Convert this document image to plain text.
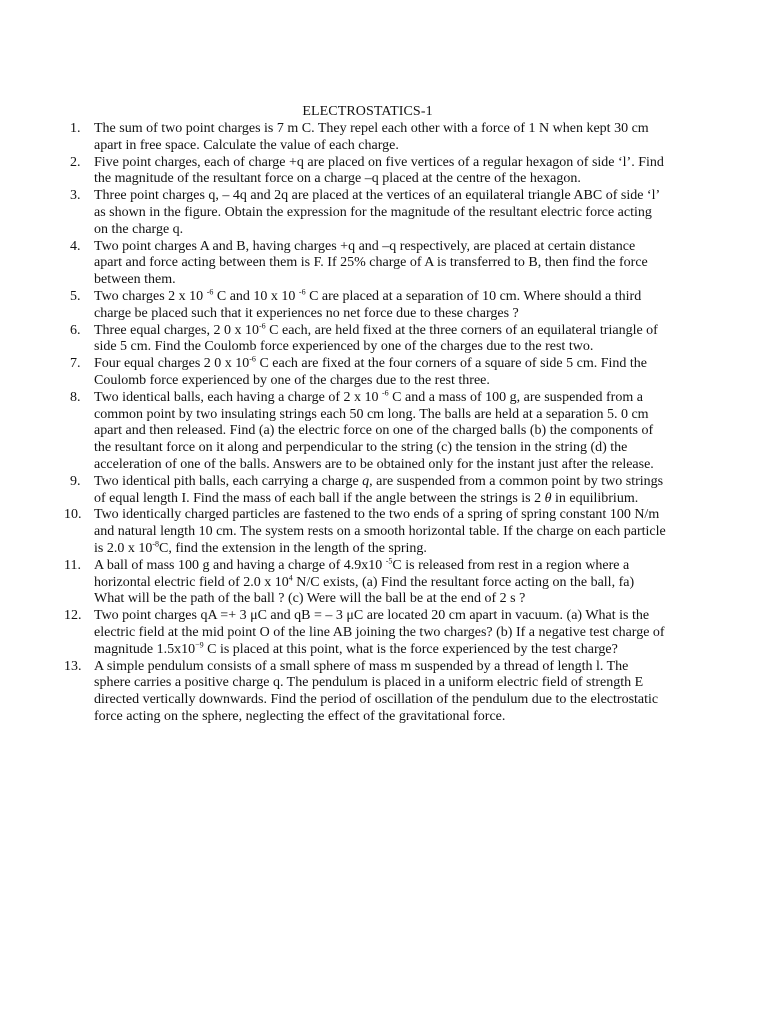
ELECTROSTATICS-1
1. The sum of two point charges is 7 m C. They repel each other with a force of 1 N when kept 30 cm apart in free space. Calculate the value of each charge.
2. Five point charges, each of charge +q are placed on five vertices of a regular hexagon of side ‘l’. Find the magnitude of the resultant force on a charge –q placed at the centre of the hexagon.
3. Three point charges q, – 4q and 2q are placed at the vertices of an equilateral triangle ABC of side ‘l’ as shown in the figure. Obtain the expression for the magnitude of the resultant electric force acting on the charge q.
4. Two point charges A and B, having charges +q and –q respectively, are placed at certain distance apart and force acting between them is F. If 25% charge of A is transferred to B, then find the force between them.
5. Two charges 2 x 10 $^{-6}$ C and 10 x 10 $^{-6}$ C are placed at a separation of 10 cm. Where should a third charge be placed such that it experiences no net force due to these charges ?
6. Three equal charges, 2 0 x $10^{-6}$ C each, are held fixed at the three corners of an equilateral triangle of side 5 cm. Find the Coulomb force experienced by one of the charges due to the rest two.
7. Four equal charges 2 0 x $10^{-6}$ C each are fixed at the four corners of a square of side 5 cm. Find the Coulomb force experienced by one of the charges due to the rest three.
8. Two identical balls, each having a charge of 2 x 10 $^{-6}$ C and a mass of 100 g, are suspended from a common point by two insulating strings each 50 cm long. The balls are held at a separation 5. 0 cm apart and then released. Find (a) the electric force on one of the charged balls (b) the components of the resultant force on it along and perpendicular to the string (c) the tension in the string (d) the acceleration of one of the balls. Answers are to be obtained only for the instant just after the release.
9. Two identical pith balls, each carrying a charge q, are suspended from a common point by two strings of equal length I. Find the mass of each ball if the angle between the strings is 2 θ in equilibrium.
10. Two identically charged particles are fastened to the two ends of a spring of spring constant 100 N/m and natural length 10 cm. The system rests on a smooth horizontal table. If the charge on each particle is 2.0 x $10^{-8}C$, find the extension in the length of the spring.
11. A ball of mass 100 g and having a charge of 4.9x10 $^{-5}$C is released from rest in a region where a horizontal electric field of 2.0 x $10^4$ N/C exists, (a) Find the resultant force acting on the ball, fa) What will be the path of the ball ? (c) Were will the ball be at the end of 2 s ?
12. Two point charges qA =+ 3 μC and qB = – 3 μC are located 20 cm apart in vacuum. (a) What is the electric field at the mid point O of the line AB joining the two charges? (b) If a negative test charge of magnitude $1.5x10^{-9}$ C is placed at this point, what is the force experienced by the test charge?
13. A simple pendulum consists of a small sphere of mass m suspended by a thread of length l. The sphere carries a positive charge q. The pendulum is placed in a uniform electric field of strength E directed vertically downwards. Find the period of oscillation of the pendulum due to the electrostatic force acting on the sphere, neglecting the effect of the gravitational force.
